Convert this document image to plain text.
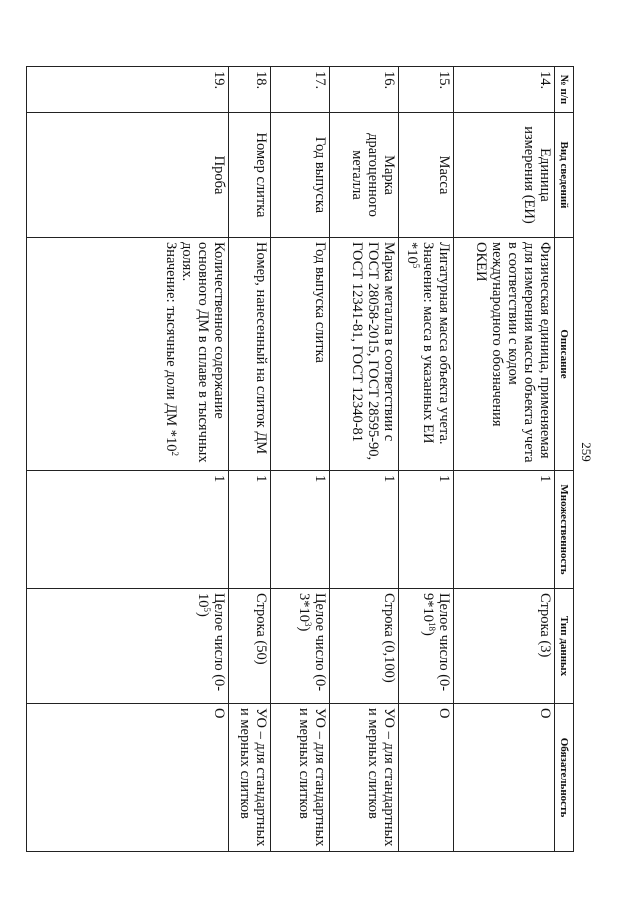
259
№ п/п	Вид сведений	Описание	Множественность	Тип данных	Обязательность
14.	Единица измерения (ЕИ)	Физическая единица, применяемая для измерения массы объекта учета в соответствии с кодом международного обозначения ОКЕИ	1	Строка (3)	О
15.	Масса	Лигатурная масса объекта учета. Значение: масса в указанных ЕИ $*10^5$	1	Целое число $(0-9*10^{18})$	О
16.	Марка драгоценного металла	Марка металла в соответствии с ГОСТ 28058-2015, ГОСТ 28595-90, ГОСТ 12341-81, ГОСТ 12340-81	1	Строка (0,100)	УО – для стандартных и мерных слитков
17.	Год выпуска	Год выпуска слитка	1	Целое число $(0-3*10^3)$	УО – для стандартных и мерных слитков
18.	Номер слитка	Номер, нанесенный на слиток ДМ	1	Строка (50)	УО – для стандартных и мерных слитков
19.	Проба	Количественное содержание основного ДМ в сплаве в тысячных долях.
Значение: тысячные доли ДМ $*10^2$	1	Целое число $(0-10^5)$	О
